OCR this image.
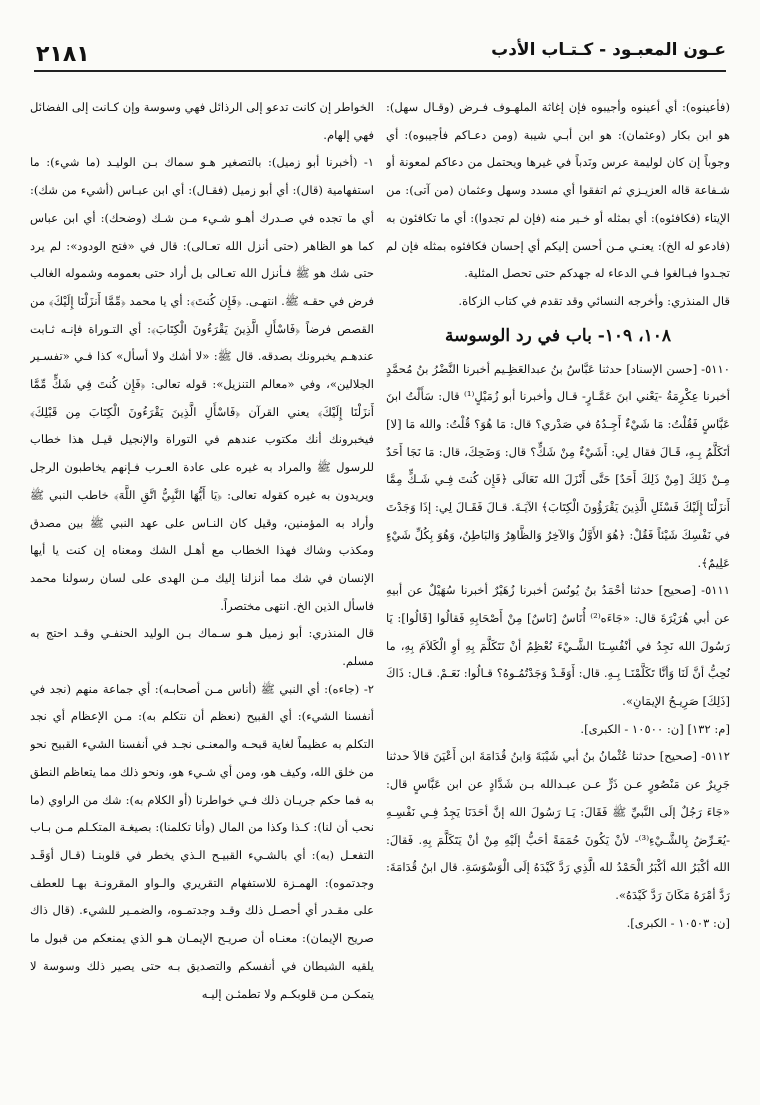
٢١٨١	عـون المعبـود - كـتـاب الأدب

(فأعينوه): أي أعينوه وأجيبوه فإن إغاثة الملهـوف فـرض (وقـال سهل): هو ابن بكار (وعثمان): هو ابن أبـي شيبة (ومن دعـاكم فأجيبوه): أي وجوباً إن كان لوليمة عرس ونَدباً في غيرها ويحتمل من دعاكم لمعونة أو شـفاعة قاله العزيـزي ثم اتفقوا أي مسدد وسهل وعثمان (من آتى): من الإيتاء (فكافئوه): أي بمثله أو خـير منه (فإن لم تجدوا): أي ما تكافئون به (فادعو له الخ): يعنـي مـن أحسن إليكم أي إحسان فكافئوه بمثله فإن لم تجـدوا فبـالغوا فـي الدعاء له جهدكم حتى تحصل المثلية.

قال المنذري: وأخرجه النسائي وقد تقدم في كتاب الزكاة.

١٠٨، ١٠٩- باب في رد الوسوسة

٥١١٠- [حسن الإسناد] حدثنا عَبَّاسُ بنُ عبدالعَظِـيم أخبرنا النَّضْرُ بنُ مُحمَّدٍ أخبرنا عِكْرِمَةُ -يَعْني ابنَ عَمَّـارٍ- قـال وأخبرنا أبو زُمَيْلٍ⁽¹⁾ قال: سَأَلْتُ ابنَ عَبَّاسٍ فَقُلْتُ: مَا شَيْءٌ أَجِـدُهُ في صَدْري؟ قال: مَا هُوَ؟ قُلْتُ: والله مَا [لا] أتَكَلَّمُ بِـهِ، قَـالَ فقال لِي: أَشَيْءٌ مِنْ شَكٍّ؟ قال: وَضَحِكَ، قال: مَا نَجَا أَحَدٌ مِـنْ ذَلِكَ [مِنْ ذَلِكَ أَحَدٌ] حَتَّى أَنْزَلَ الله تَعَالَى ﴿فَإِن كُنتَ فِـي شَـكٍّ مِمَّا أَنزَلْنَا إِلَيْكَ فَسْئَلِ الَّذِينَ يَقْرَؤُونَ الْكِتَابَ﴾ الآيَـةَ. قـالَ فَقَـالَ لِي: إذَا وَجَدْتَ في نَفْسِكَ شَيْئاً فَقُلْ: ﴿هُوَ الأَوَّلُ وَالآخِرُ وَالظَّاهِرُ وَالبَاطِنُ، وَهُوَ بِكُلِّ شَيْءٍ عَلِيمٌ﴾.

٥١١١- [صحيح] حدثنا أحْمَدُ بنُ يُونُسَ أخبرنا زُهَيْرٌ أخبرنا سُهَيْلٌ عن أبيهِ عن أبي هُرَيْرَةَ قال: «جَاءَه⁽²⁾ أُنَاسٌ [نَاسٌ] مِنْ أَصْحَابِهِ فَقالُوا [قَالُوا]: يَا رَسُولَ الله نَجِدُ في أنْفُسِـنَا الشَّـيْءَ نُعْظِمُ أنْ نَتَكَلَّمَ بِهِ أوِ الْكَلاَمَ بِهِ، ما نُحِبُّ أنَّ لَنَا وَأنَّا تَكَلَّمْنَـا بِـهِ. قال: أَوَقَـدْ وَجَدْتُمُـوهُ؟ قـالُوا: نَعَـمْ. قـال: ذَاكَ [ذَلِكَ] صَرِيـحُ الإيمَانِ».

[م: ١٣٢] [ن: ١٠٥٠٠ - الكبرى].

٥١١٢- [صحيح] حدثنا عُثْمانُ بنُ أبي شَيْبَةَ وَابنُ قُدَامَةَ ابن أَعْيَنَ قالاَ حدثنا جَرِيرٌ عن مَنْصُورٍ عـن ذَرٍّ عـن عبـدالله بـن شَدَّادٍ عن ابن عَبَّاسٍ قال: «جَاءَ رَجُلٌ إلَى النَّبيِّ ﷺ فَقَالَ: يَـا رَسُولَ الله إنَّ أحَدَنَا يَجِدُ فِـي نَفْسِـهِ -يُعَـرِّضُ بِالشَّـيْءِ⁽³⁾- لأنْ يَكُونَ حُمَمَةً أحَبُّ إلَيْهِ مِنْ أنْ يَتَكَلَّمَ بِهِ. فَقالَ: الله أكْبَرُ الله أكْبَرُ الْحَمْدُ لله الَّذِي رَدَّ كَيْدَهُ إلَى الْوَسْوَسَةِ. قال ابنُ قُدَامَةَ: رَدَّ أمْرَهُ مَكَانَ رَدَّ كَيْدَهُ».

[ن: ١٠٥٠٣ - الكبرى].

الخواطر إن كانت تدعو إلى الرذائل فهي وسوسة وإن كـانت إلى الفضائل فهي إلهام.

١- (أخبرنا أبو زميل): بالتصغير هـو سماك بـن الوليـد (ما شيء): ما استفهامية (قال): أي أبو زميل (فقـال): أي ابن عبـاس (أشيء من شك): أي ما تجده في صـدرك أهـو شـيء مـن شـك (وضحك): أي ابن عباس كما هو الظاهر (حتى أنزل الله تعـالى): قال في «فتح الودود»: لم يرد حتى شك هو ﷺ فـأنزل الله تعـالى بل أراد حتى بعمومه وشموله الغالب فرض في حقـه ﷺ. انتهـى. ﴿فَإِن كُنتَ﴾: أي يا محمد ﴿مِّمَّا أَنزَلْنَا إِلَيْكَ﴾ من القصص فرضاً ﴿فَاسْأَلِ الَّذِينَ يَقْرَءُونَ الْكِتَابَ﴾: أي التـوراة فإنـه ثـابت عندهـم يخبرونك بصدقه. قال ﷺ: «لا أشك ولا أسأل» كذا فـي «تفسـير الجلالين»، وفي «معالم التنزيل»: قوله تعالى: ﴿فَإِن كُنتَ فِي شَكٍّ مِّمَّا أَنزَلْنَا إِلَيْكَ﴾ يعني القرآن ﴿فَاسْأَلِ الَّذِينَ يَقْرَءُونَ الْكِتَابَ مِن قَبْلِكَ﴾ فيخبرونك أنك مكتوب عندهم في التوراة والإنجيل قيـل هذا خطاب للرسول ﷺ والمراد به غيره على عادة العـرب فـإنهم يخاطبون الرجل ويريدون به غيره كقوله تعالى: ﴿يَا أَيُّهَا النَّبِيُّ اتَّقِ اللَّهَ﴾ خاطب النبي ﷺ وأراد به المؤمنين، وقيل كان النـاس على عهد النبي ﷺ بين مصدق ومكذب وشاك فهذا الخطاب مع أهـل الشك ومعناه إن كنت يا أيها الإنسان في شك مما أنزلنا إليك مـن الهدى على لسان رسولنا محمد فاسأل الذين الخ. انتهى مختصراً.

قال المنذري: أبو زميل هـو سـماك بـن الوليد الحنفـي وقـد احتج به مسلم.

٢- (جاءه): أي النبي ﷺ (أناس مـن أصحابـه): أي جماعة منهم (نجد في أنفسنا الشيء): أي القبيح (نعظم أن نتكلم به): مـن الإعظام أي نجد التكلم به عظيماً لغاية قبحـه والمعنـى نجـد في أنفسنا الشيء القبيح نحو من خلق الله، وكيف هو، ومن أي شـيء هو، ونحو ذلك مما يتعاظم النطق به فما حكم جريـان ذلك فـي خواطرنا (أو الكلام به): شك من الراوي (ما نحب أن لنا): كـذا وكذا من المال (وأنا تكلمنا): بصيغـة المتكـلم مـن بـاب التفعـل (به): أي بالشـيء القبيـح الـذي يخطر في قلوبنـا (قـال أوَقَـد وجدتموه): الهمـزة للاستفهام التقريري والـواو المقرونـة بهـا للعطف على مقـدر أي أحصـل ذلك وقـد وجدتمـوه، والضمـير للشيء. (قال ذاك صريح الإيمان): معنـاه أن صريـح الإيمـان هـو الذي يمنعكم من قبول ما يلقيه الشيطان في أنفسكم والتصديق بـه حتى يصير ذلك وسوسة لا يتمكـن مـن قلوبكـم ولا تطمئـن إليـه
